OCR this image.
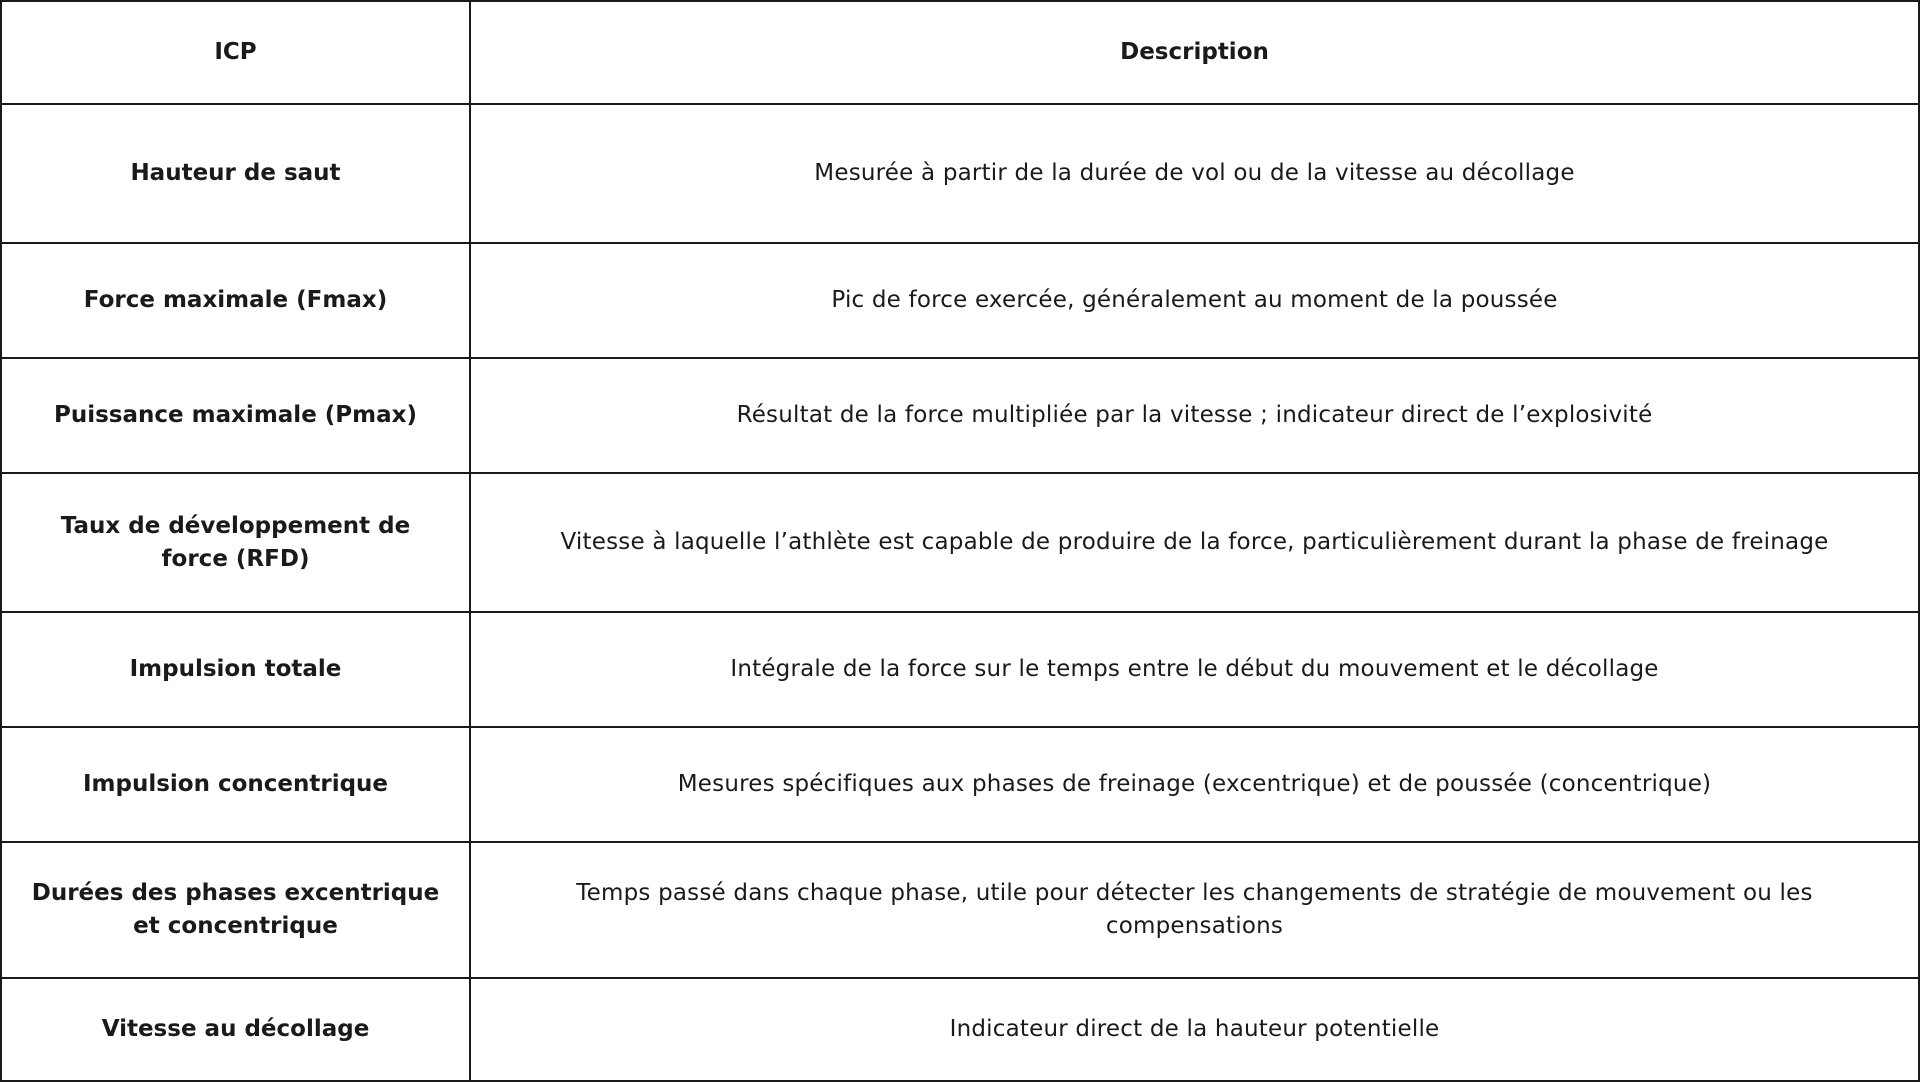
ICP	Description
Hauteur de saut	Mesurée à partir de la durée de vol ou de la vitesse au décollage
Force maximale (Fmax)	Pic de force exercée, généralement au moment de la poussée
Puissance maximale (Pmax)	Résultat de la force multipliée par la vitesse ; indicateur direct de l’explosivité
Taux de développement de force (RFD)	Vitesse à laquelle l’athlète est capable de produire de la force, particulièrement durant la phase de freinage
Impulsion totale	Intégrale de la force sur le temps entre le début du mouvement et le décollage
Impulsion concentrique	Mesures spécifiques aux phases de freinage (excentrique) et de poussée (concentrique)
Durées des phases excentrique et concentrique	Temps passé dans chaque phase, utile pour détecter les changements de stratégie de mouvement ou les compensations
Vitesse au décollage	Indicateur direct de la hauteur potentielle
